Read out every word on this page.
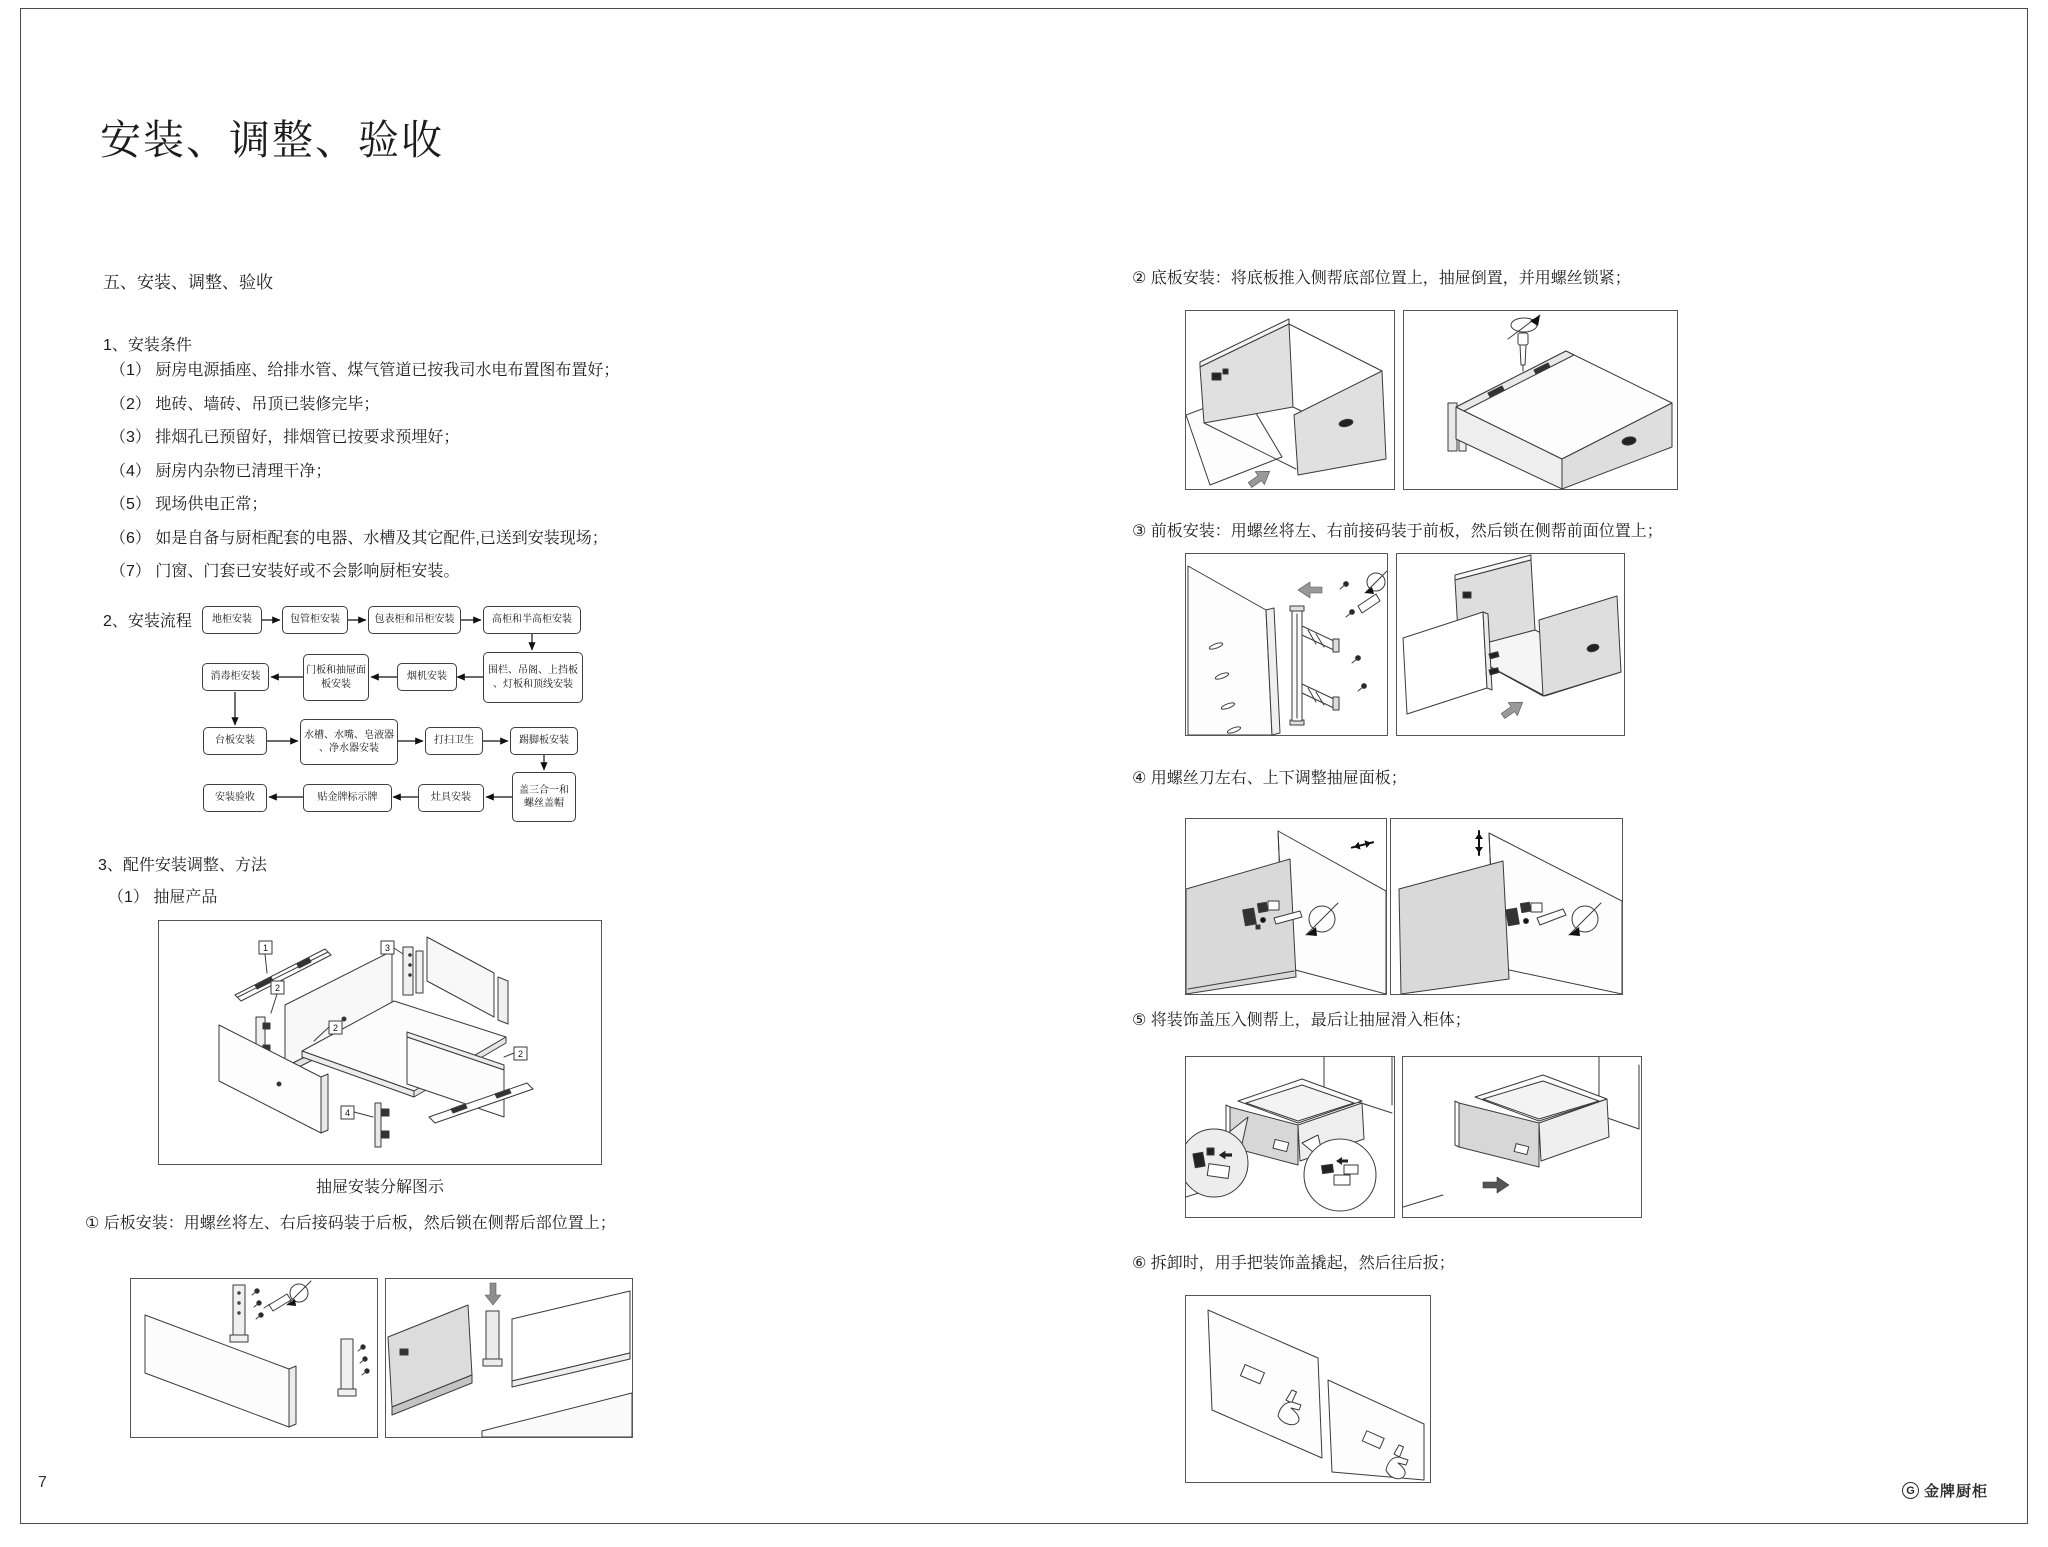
安装、调整、验收
五、安装、调整、验收
1、安装条件
（1） 厨房电源插座、给排水管、煤气管道已按我司水电布置图布置好；
（2） 地砖、墙砖、吊顶已装修完毕；
（3） 排烟孔已预留好，排烟管已按要求预埋好；
（4） 厨房内杂物已清理干净；
（5） 现场供电正常；
（6） 如是自备与厨柜配套的电器、水槽及其它配件,已送到安装现场；
（7） 门窗、门套已安装好或不会影响厨柜安装。
2、安装流程	地柜安装	包管柜安装	包表柜和吊柜安装	高柜和半高柜安装
围栏、吊阁、上挡板、灯板和顶线安装
烟机安装
门板和抽屉面板安装
消毒柜安装
台板安装
水槽、水嘴、皂液器、净水器安装
打扫卫生	踢脚板安装
盖三合一和螺丝盖帽
灶具安装
贴金牌标示牌
安装验收
3、配件安装调整、方法
（1） 抽屉产品
1
2
3
2
2
4
抽屉安装分解图示
① 后板安装：用螺丝将左、右后接码装于后板，然后锁在侧帮后部位置上；
② 底板安装：将底板推入侧帮底部位置上，抽屉倒置，并用螺丝锁紧；
③ 前板安装：用螺丝将左、右前接码装于前板，然后锁在侧帮前面位置上；
④ 用螺丝刀左右、上下调整抽屉面板；
⑤ 将装饰盖压入侧帮上，最后让抽屉滑入柜体；
⑥ 拆卸时，用手把装饰盖撬起，然后往后扳；
7	G 金牌厨柜
